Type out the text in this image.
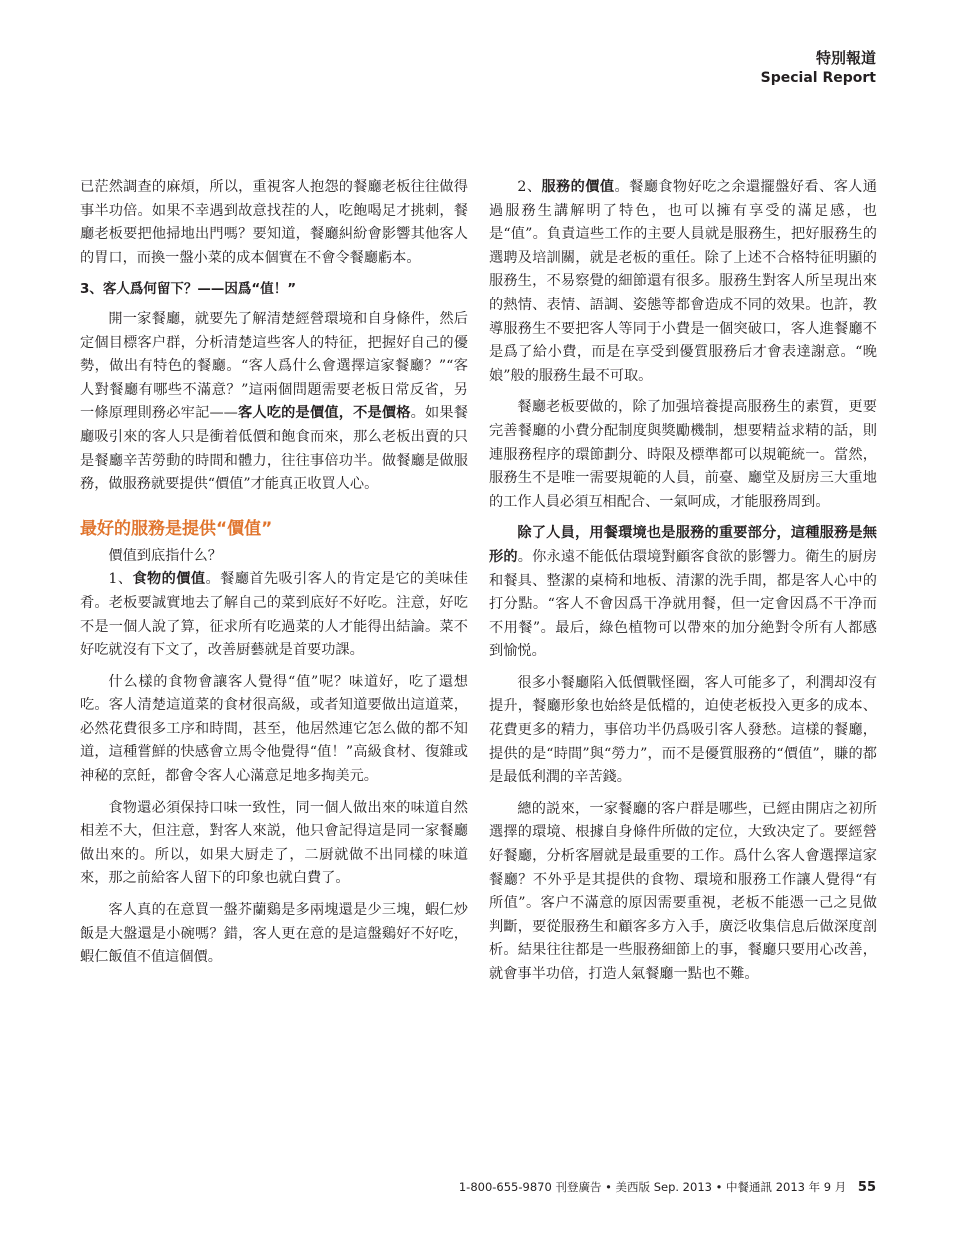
特別報道
Special Report

已茫然調查的麻煩，所以，重視客人抱怨的餐廳老板往往做得事半功倍。如果不幸遇到故意找茬的人，吃飽喝足才挑刺，餐廳老板要把他掃地出門嗎？要知道，餐廳糾紛會影響其他客人的胃口，而換一盤小菜的成本個實在不會令餐廳虧本。

3、客人爲何留下？——因爲“值！”

開一家餐廳，就要先了解清楚經營環境和自身條件，然后定個目標客户群，分析清楚這些客人的特征，把握好自己的優勢，做出有特色的餐廳。“客人爲什么會選擇這家餐廳？”“客人對餐廳有哪些不滿意？”這兩個問題需要老板日常反省，另一條原理則務必牢記——客人吃的是價值，不是價格。如果餐廳吸引來的客人只是衝着低價和飽食而來，那么老板出賣的只是餐廳辛苦勞動的時間和體力，往往事倍功半。做餐廳是做服務，做服務就要提供“價值”才能真正收買人心。

最好的服務是提供“價值”

價值到底指什么？

1、食物的價值。餐廳首先吸引客人的肯定是它的美味佳肴。老板要誠實地去了解自己的菜到底好不好吃。注意，好吃不是一個人說了算，征求所有吃過菜的人才能得出結論。菜不好吃就沒有下文了，改善厨藝就是首要功課。

什么樣的食物會讓客人覺得“值”呢？味道好，吃了還想吃。客人清楚這道菜的食材很高級，或者知道要做出這道菜，必然花費很多工序和時間，甚至，他居然連它怎么做的都不知道，這種嘗鮮的快感會立馬令他覺得“值！”高級食材、復雜或神秘的烹飪，都會令客人心滿意足地多掏美元。

食物還必須保持口味一致性，同一個人做出來的味道自然相差不大，但注意，對客人來説，他只會記得這是同一家餐廳做出來的。所以，如果大厨走了，二厨就做不出同樣的味道來，那之前給客人留下的印象也就白費了。

客人真的在意買一盤芥蘭鷄是多兩塊還是少三塊，蝦仁炒飯是大盤還是小碗嗎？錯，客人更在意的是這盤鷄好不好吃，蝦仁飯值不值這個價。

2、服務的價值。餐廳食物好吃之余還擺盤好看、客人通過服務生講解明了特色，也可以擁有享受的滿足感，也是“值”。負責這些工作的主要人員就是服務生，把好服務生的選聘及培訓關，就是老板的重任。除了上述不合格特征明顯的服務生，不易察覺的細節還有很多。服務生對客人所呈現出來的熱情、表情、語調、姿態等都會造成不同的效果。也許，教導服務生不要把客人等同于小費是一個突破口，客人進餐廳不是爲了給小費，而是在享受到優質服務后才會表達謝意。“晚娘”般的服務生最不可取。

餐廳老板要做的，除了加强培養提高服務生的素質，更要完善餐廳的小費分配制度與獎勵機制，想要精益求精的話，則連服務程序的環節劃分、時限及標準都可以規範統一。當然，服務生不是唯一需要規範的人員，前臺、廳堂及厨房三大重地的工作人員必須互相配合、一氣呵成，才能服務周到。

除了人員，用餐環境也是服務的重要部分，這種服務是無形的。你永遠不能低估環境對顧客食欲的影響力。衛生的厨房和餐具、整潔的桌椅和地板、清潔的洗手間，都是客人心中的打分點。“客人不會因爲干净就用餐，但一定會因爲不干净而不用餐”。最后，綠色植物可以帶來的加分絶對令所有人都感到愉悦。

很多小餐廳陷入低價戰怪圈，客人可能多了，利潤却沒有提升，餐廳形象也始終是低檔的，迫使老板投入更多的成本、花費更多的精力，事倍功半仍爲吸引客人發愁。這樣的餐廳，提供的是“時間”與“勞力”，而不是優質服務的“價值”，賺的都是最低利潤的辛苦錢。

總的説來，一家餐廳的客户群是哪些，已經由開店之初所選擇的環境、根據自身條件所做的定位，大致决定了。要經營好餐廳，分析客層就是最重要的工作。爲什么客人會選擇這家餐廳？不外乎是其提供的食物、環境和服務工作讓人覺得“有所值”。客户不滿意的原因需要重視，老板不能憑一己之見做判斷，要從服務生和顧客多方入手，廣泛收集信息后做深度剖析。結果往往都是一些服務細節上的事，餐廳只要用心改善，就會事半功倍，打造人氣餐廳一點也不難。

1-800-655-9870 刊登廣告 • 美西版 Sep. 2013 • 中餐通訊 2013 年 9 月 55
